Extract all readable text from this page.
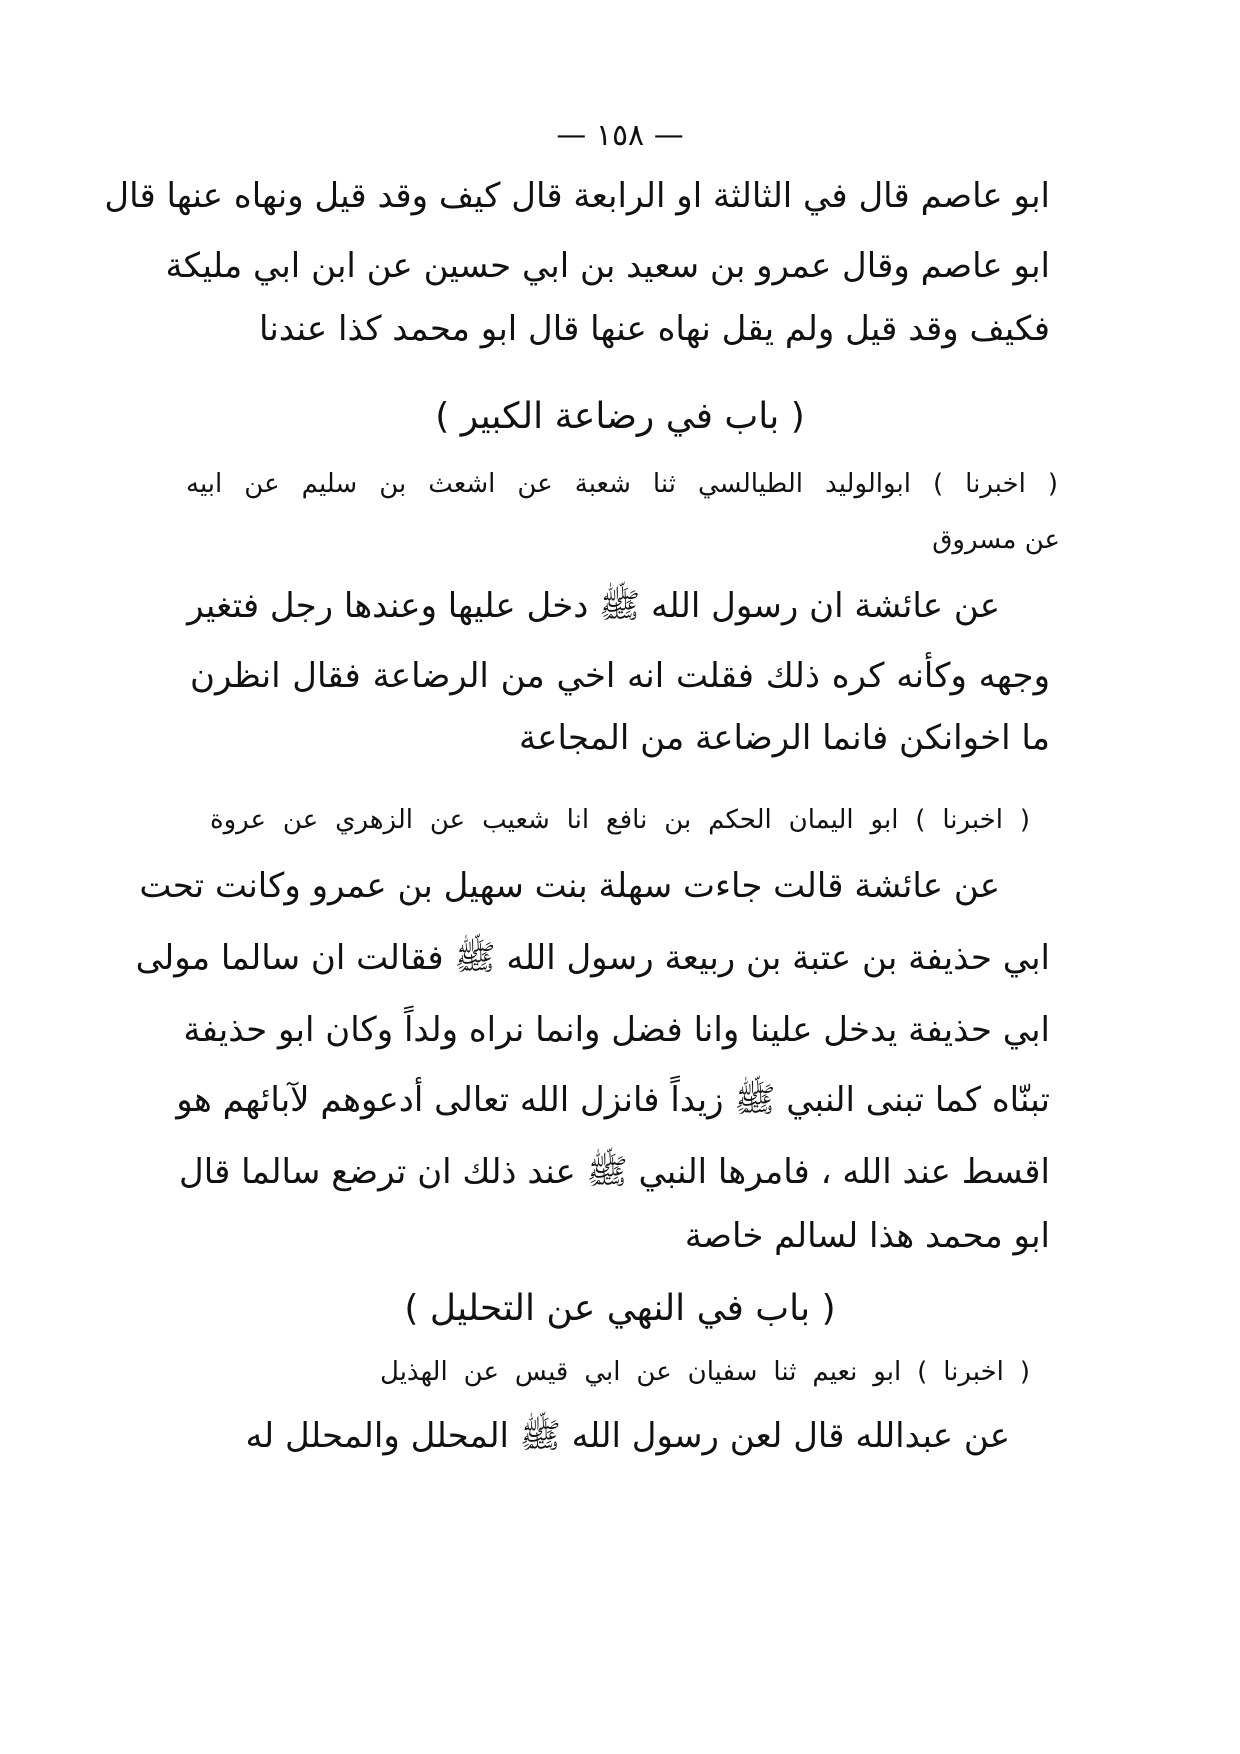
— ١٥٨ —
ابو عاصم قال في الثالثة او الرابعة قال كيف وقد قيل ونهاه عنها قال
ابو عاصم وقال عمرو بن سعيد بن ابي حسين عن ابن ابي مليكة
فكيف وقد قيل ولم يقل نهاه عنها قال ابو محمد كذا عندنا
( باب في رضاعة الكبير )
( اخبرنا ) ابوالوليد الطيالسي ثنا شعبة عن اشعث بن سليم عن ابيه
عن مسروق
عن عائشة ان رسول الله ﷺ دخل عليها وعندها رجل فتغير
وجهه وكأنه كره ذلك فقلت انه اخي من الرضاعة فقال انظرن
ما اخوانكن فانما الرضاعة من المجاعة
( اخبرنا ) ابو اليمان الحكم بن نافع انا شعيب عن الزهري عن عروة
عن عائشة قالت جاءت سهلة بنت سهيل بن عمرو وكانت تحت
ابي حذيفة بن عتبة بن ربيعة رسول الله ﷺ فقالت ان سالما مولى
ابي حذيفة يدخل علينا وانا فضل وانما نراه ولداً وكان ابو حذيفة
تبنّاه كما تبنى النبي ﷺ زيداً فانزل الله تعالى أدعوهم لآبائهم هو
اقسط عند الله ، فامرها النبي ﷺ عند ذلك ان ترضع سالما قال
ابو محمد هذا لسالم خاصة
( باب في النهي عن التحليل )
( اخبرنا ) ابو نعيم ثنا سفيان عن ابي قيس عن الهذيل
عن عبدالله قال لعن رسول الله ﷺ المحلل والمحلل له
